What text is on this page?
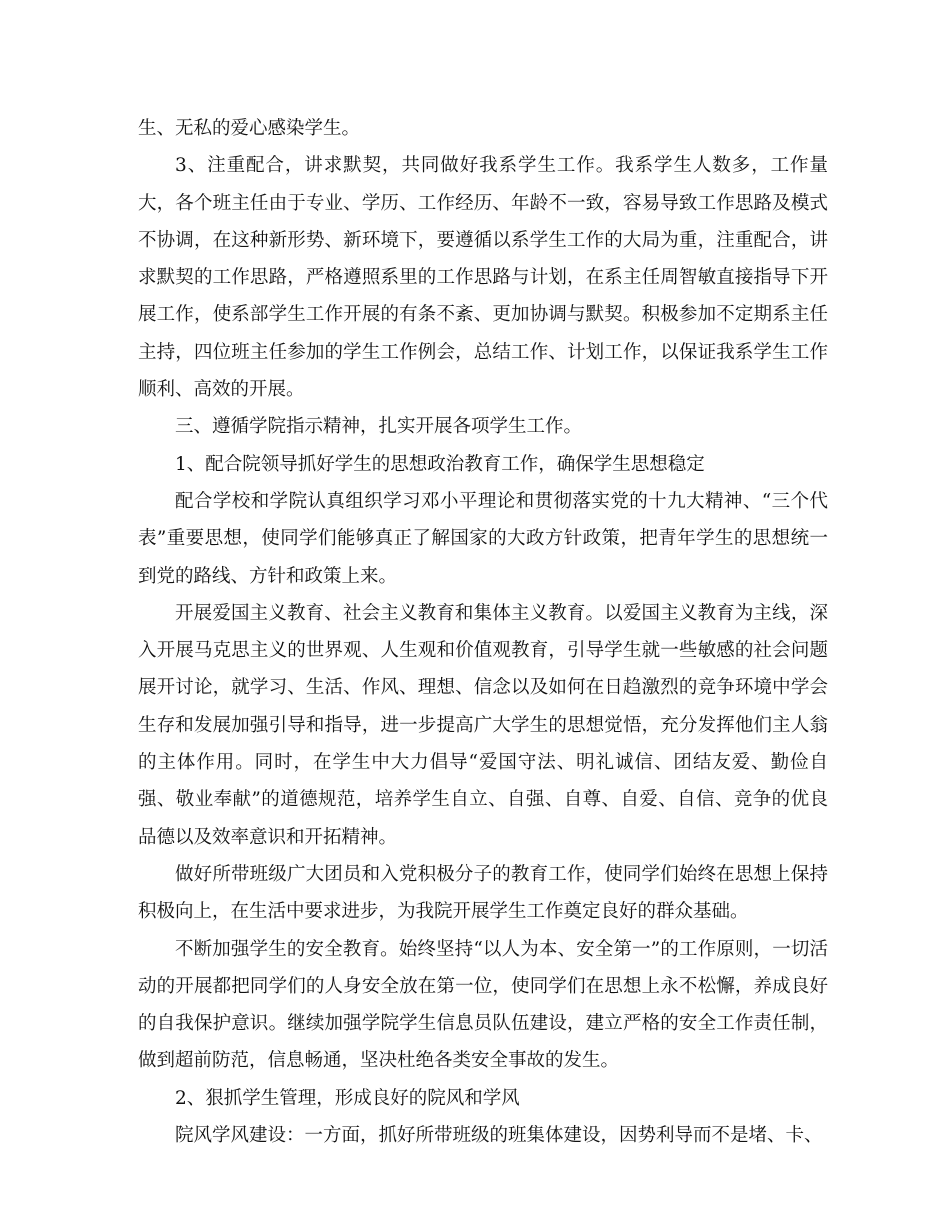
生、无私的爱心感染学生。

3、注重配合，讲求默契，共同做好我系学生工作。我系学生人数多，工作量大，各个班主任由于专业、学历、工作经历、年龄不一致，容易导致工作思路及模式不协调，在这种新形势、新环境下，要遵循以系学生工作的大局为重，注重配合，讲求默契的工作思路，严格遵照系里的工作思路与计划，在系主任周智敏直接指导下开展工作，使系部学生工作开展的有条不紊、更加协调与默契。积极参加不定期系主任主持，四位班主任参加的学生工作例会，总结工作、计划工作，以保证我系学生工作顺利、高效的开展。

三、遵循学院指示精神，扎实开展各项学生工作。

1、配合院领导抓好学生的思想政治教育工作，确保学生思想稳定

配合学校和学院认真组织学习邓小平理论和贯彻落实党的十九大精神、“三个代表”重要思想，使同学们能够真正了解国家的大政方针政策，把青年学生的思想统一到党的路线、方针和政策上来。

开展爱国主义教育、社会主义教育和集体主义教育。以爱国主义教育为主线，深入开展马克思主义的世界观、人生观和价值观教育，引导学生就一些敏感的社会问题展开讨论，就学习、生活、作风、理想、信念以及如何在日趋激烈的竞争环境中学会生存和发展加强引导和指导，进一步提高广大学生的思想觉悟，充分发挥他们主人翁的主体作用。同时，在学生中大力倡导“爱国守法、明礼诚信、团结友爱、勤俭自强、敬业奉献”的道德规范，培养学生自立、自强、自尊、自爱、自信、竞争的优良品德以及效率意识和开拓精神。

做好所带班级广大团员和入党积极分子的教育工作，使同学们始终在思想上保持积极向上，在生活中要求进步，为我院开展学生工作奠定良好的群众基础。

不断加强学生的安全教育。始终坚持“以人为本、安全第一”的工作原则，一切活动的开展都把同学们的人身安全放在第一位，使同学们在思想上永不松懈，养成良好的自我保护意识。继续加强学院学生信息员队伍建设，建立严格的安全工作责任制，做到超前防范，信息畅通，坚决杜绝各类安全事故的发生。

2、狠抓学生管理，形成良好的院风和学风

院风学风建设：一方面，抓好所带班级的班集体建设，因势利导而不是堵、卡、
